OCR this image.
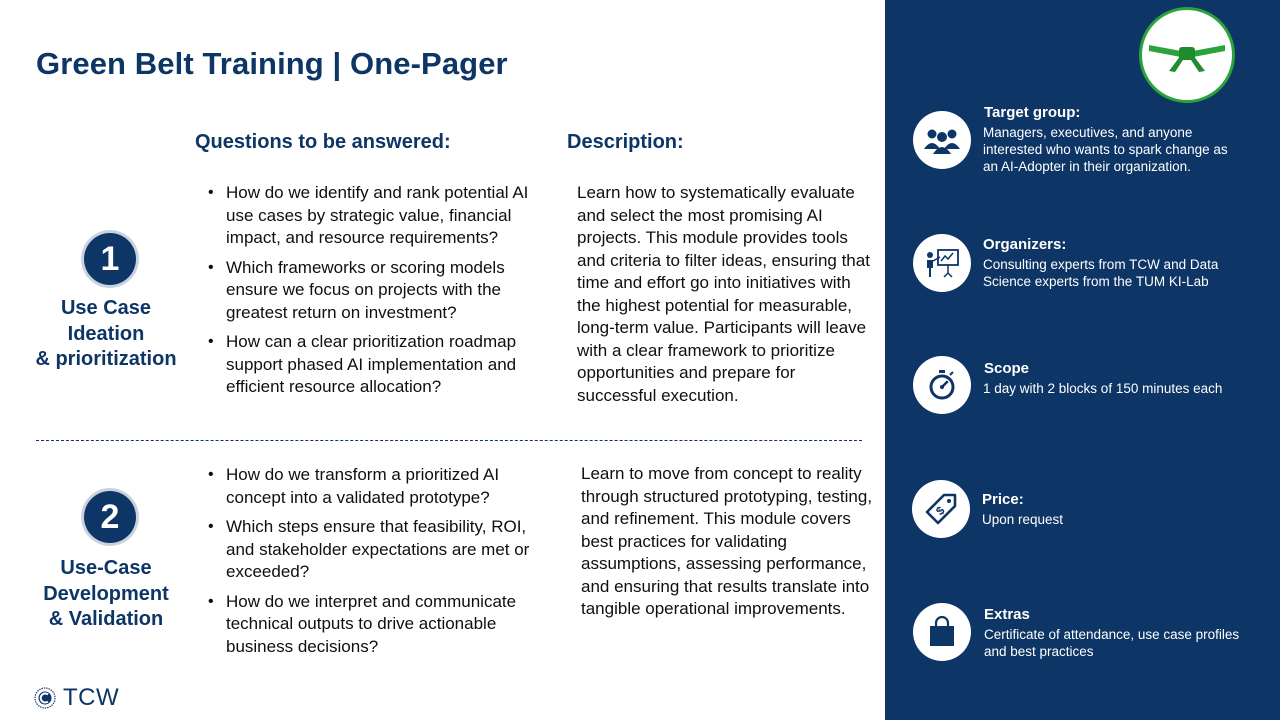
Green Belt Training | One-Pager
Questions to be answered:	Description:
1
Use Case
Ideation
& prioritization
• How do we identify and rank potential AI use cases by strategic value, financial impact, and resource requirements?
• Which frameworks or scoring models ensure we focus on projects with the greatest return on investment?
• How can a clear prioritization roadmap support phased AI implementation and efficient resource allocation?
Learn how to systematically evaluate and select the most promising AI projects. This module provides tools and criteria to filter ideas, ensuring that time and effort go into initiatives with the highest potential for measurable, long-term value. Participants will leave with a clear framework to prioritize opportunities and prepare for successful execution.
2
Use-Case
Development
& Validation
• How do we transform a prioritized AI concept into a validated prototype?
• Which steps ensure that feasibility, ROI, and stakeholder expectations are met or exceeded?
• How do we interpret and communicate technical outputs to drive actionable business decisions?
Learn to move from concept to reality through structured prototyping, testing, and refinement. This module covers best practices for validating assumptions, assessing performance, and ensuring that results translate into tangible operational improvements.
Target group:
Managers, executives, and anyone interested who wants to spark change as an AI-Adopter in their organization.
Organizers:
Consulting experts from TCW and Data Science experts from the TUM KI-Lab
Scope
1 day with 2 blocks of 150 minutes each
$
Price:
Upon request
Extras
Certificate of attendance, use case profiles and best practices
TCW
